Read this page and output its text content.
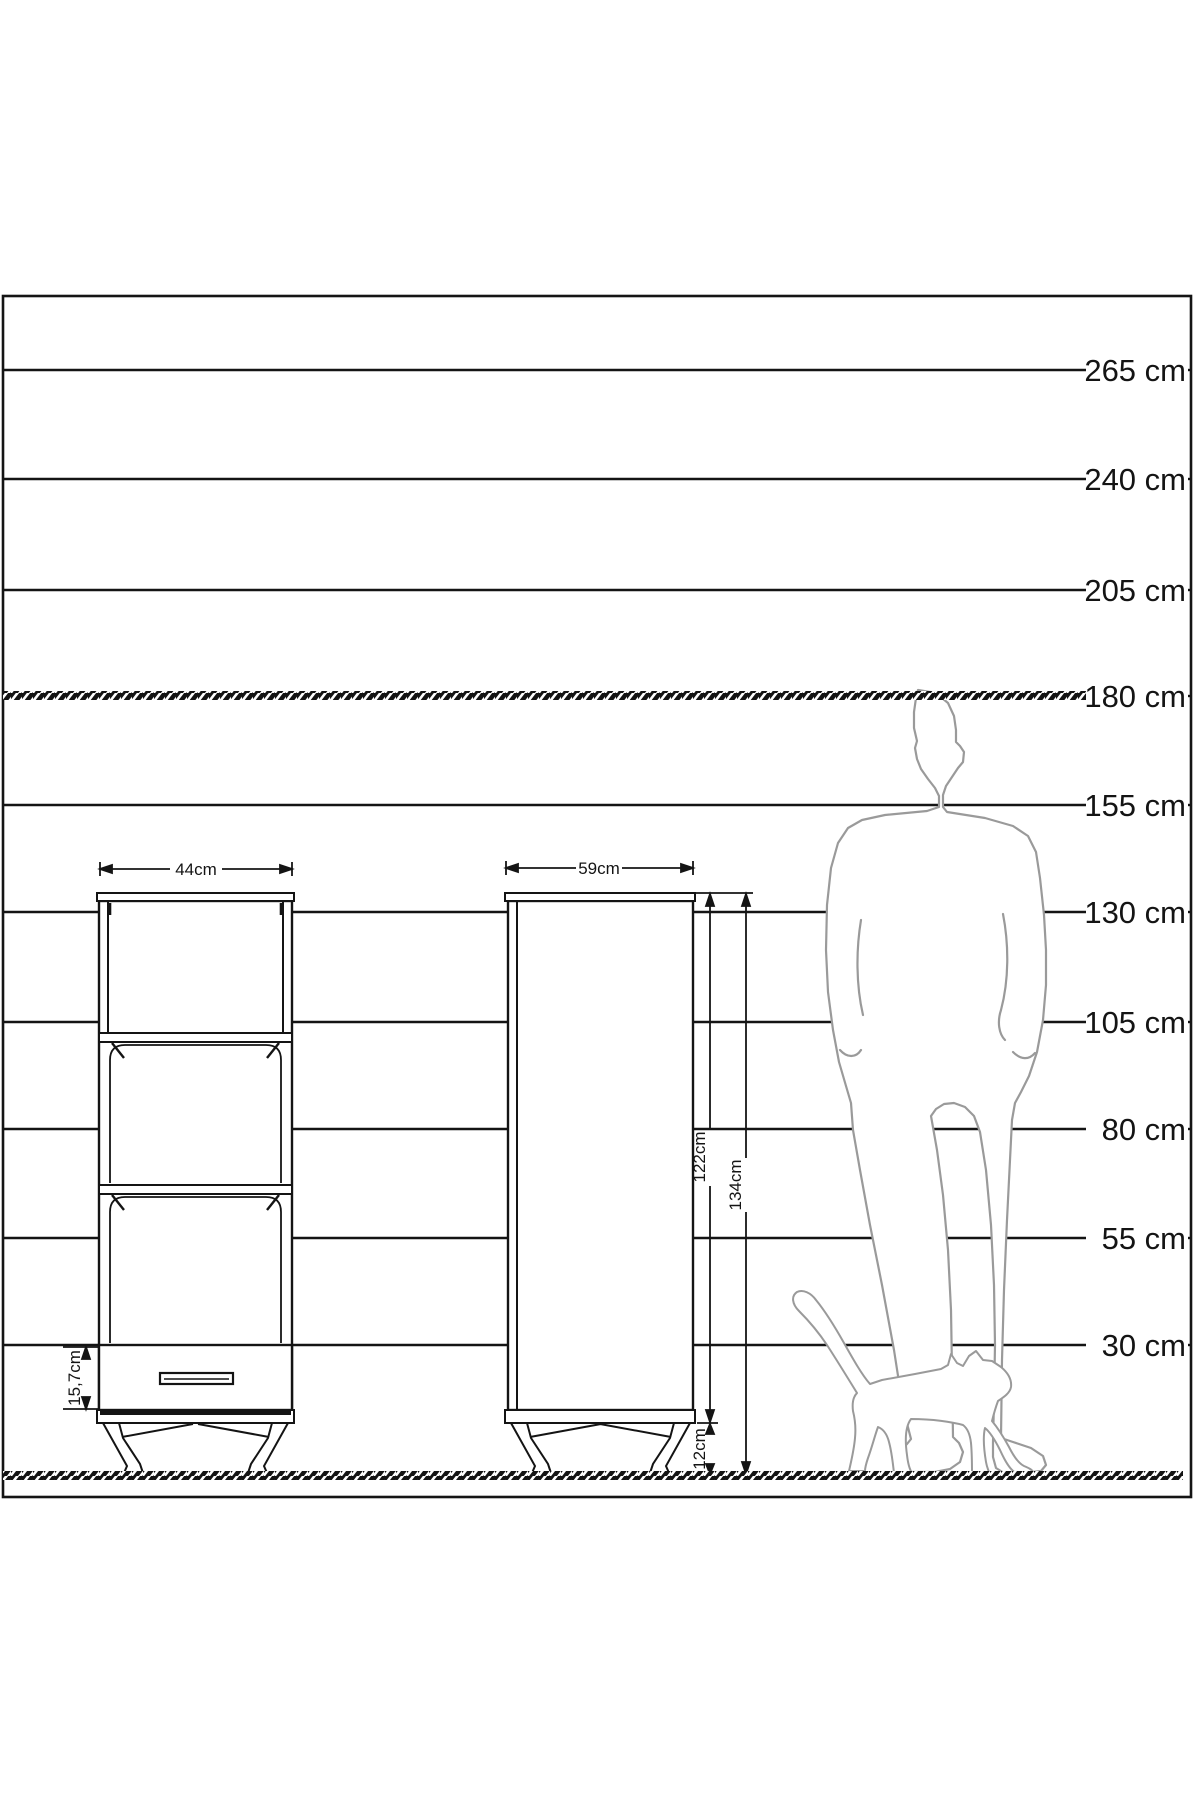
44cm	59cm
15,7cm
122cm
134cm
12cm
265 cm
240 cm
205 cm
180 cm
155 cm
130 cm
105 cm
80 cm
55 cm
30 cm
